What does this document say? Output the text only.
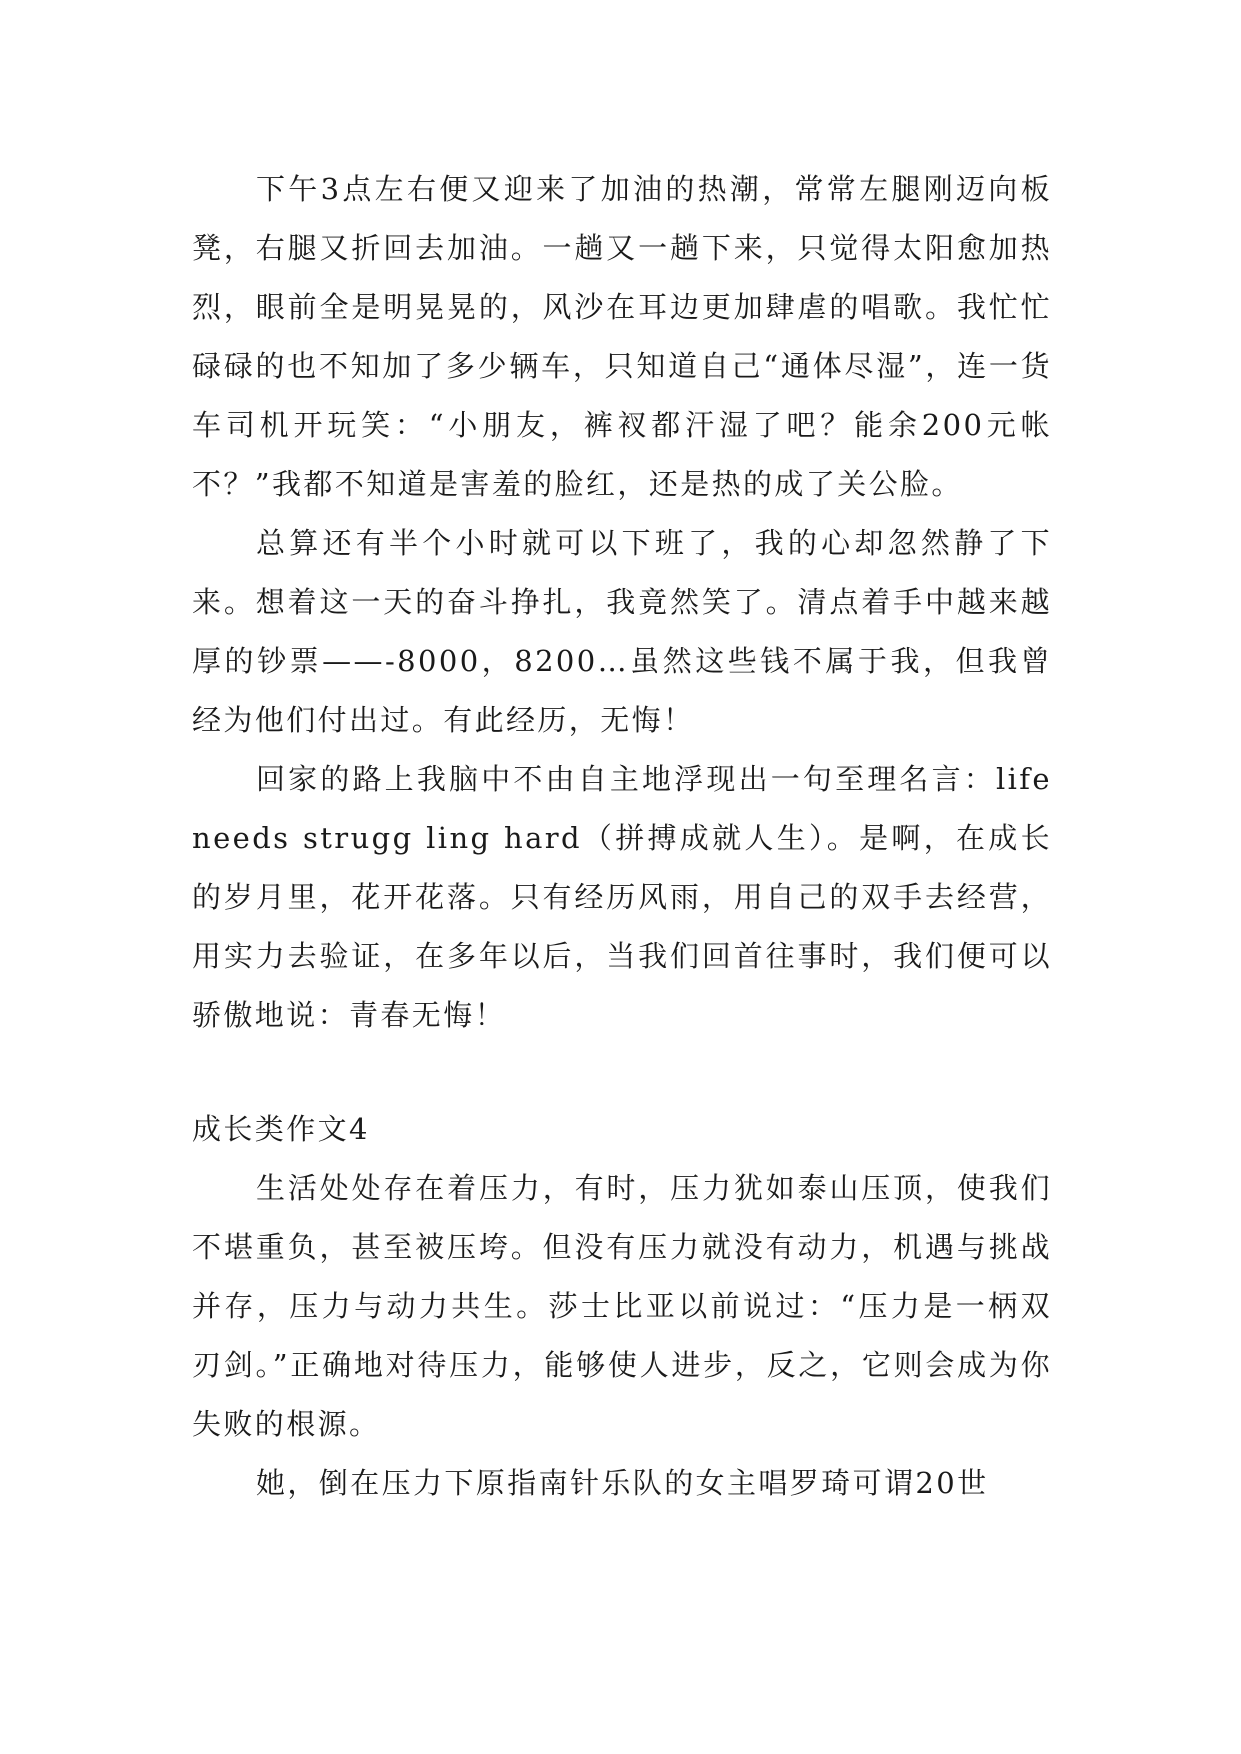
下午3点左右便又迎来了加油的热潮，常常左腿刚迈向板凳，右腿又折回去加油。一趟又一趟下来，只觉得太阳愈加热烈，眼前全是明晃晃的，风沙在耳边更加肆虐的唱歌。我忙忙碌碌的也不知加了多少辆车，只知道自己“通体尽湿”，连一货车司机开玩笑：“小朋友，裤衩都汗湿了吧？能余200元帐不？”我都不知道是害羞的脸红，还是热的成了关公脸。

总算还有半个小时就可以下班了，我的心却忽然静了下来。想着这一天的奋斗挣扎，我竟然笑了。清点着手中越来越厚的钞票——-8000，8200…虽然这些钱不属于我，但我曾经为他们付出过。有此经历，无悔！

回家的路上我脑中不由自主地浮现出一句至理名言：life needs strugg ling hard（拼搏成就人生）。是啊，在成长的岁月里，花开花落。只有经历风雨，用自己的双手去经营，用实力去验证，在多年以后，当我们回首往事时，我们便可以骄傲地说：青春无悔！

成长类作文4

生活处处存在着压力，有时，压力犹如泰山压顶，使我们不堪重负，甚至被压垮。但没有压力就没有动力，机遇与挑战并存，压力与动力共生。莎士比亚以前说过：“压力是一柄双刃剑。”正确地对待压力，能够使人进步，反之，它则会成为你失败的根源。

她，倒在压力下原指南针乐队的女主唱罗琦可谓20世
